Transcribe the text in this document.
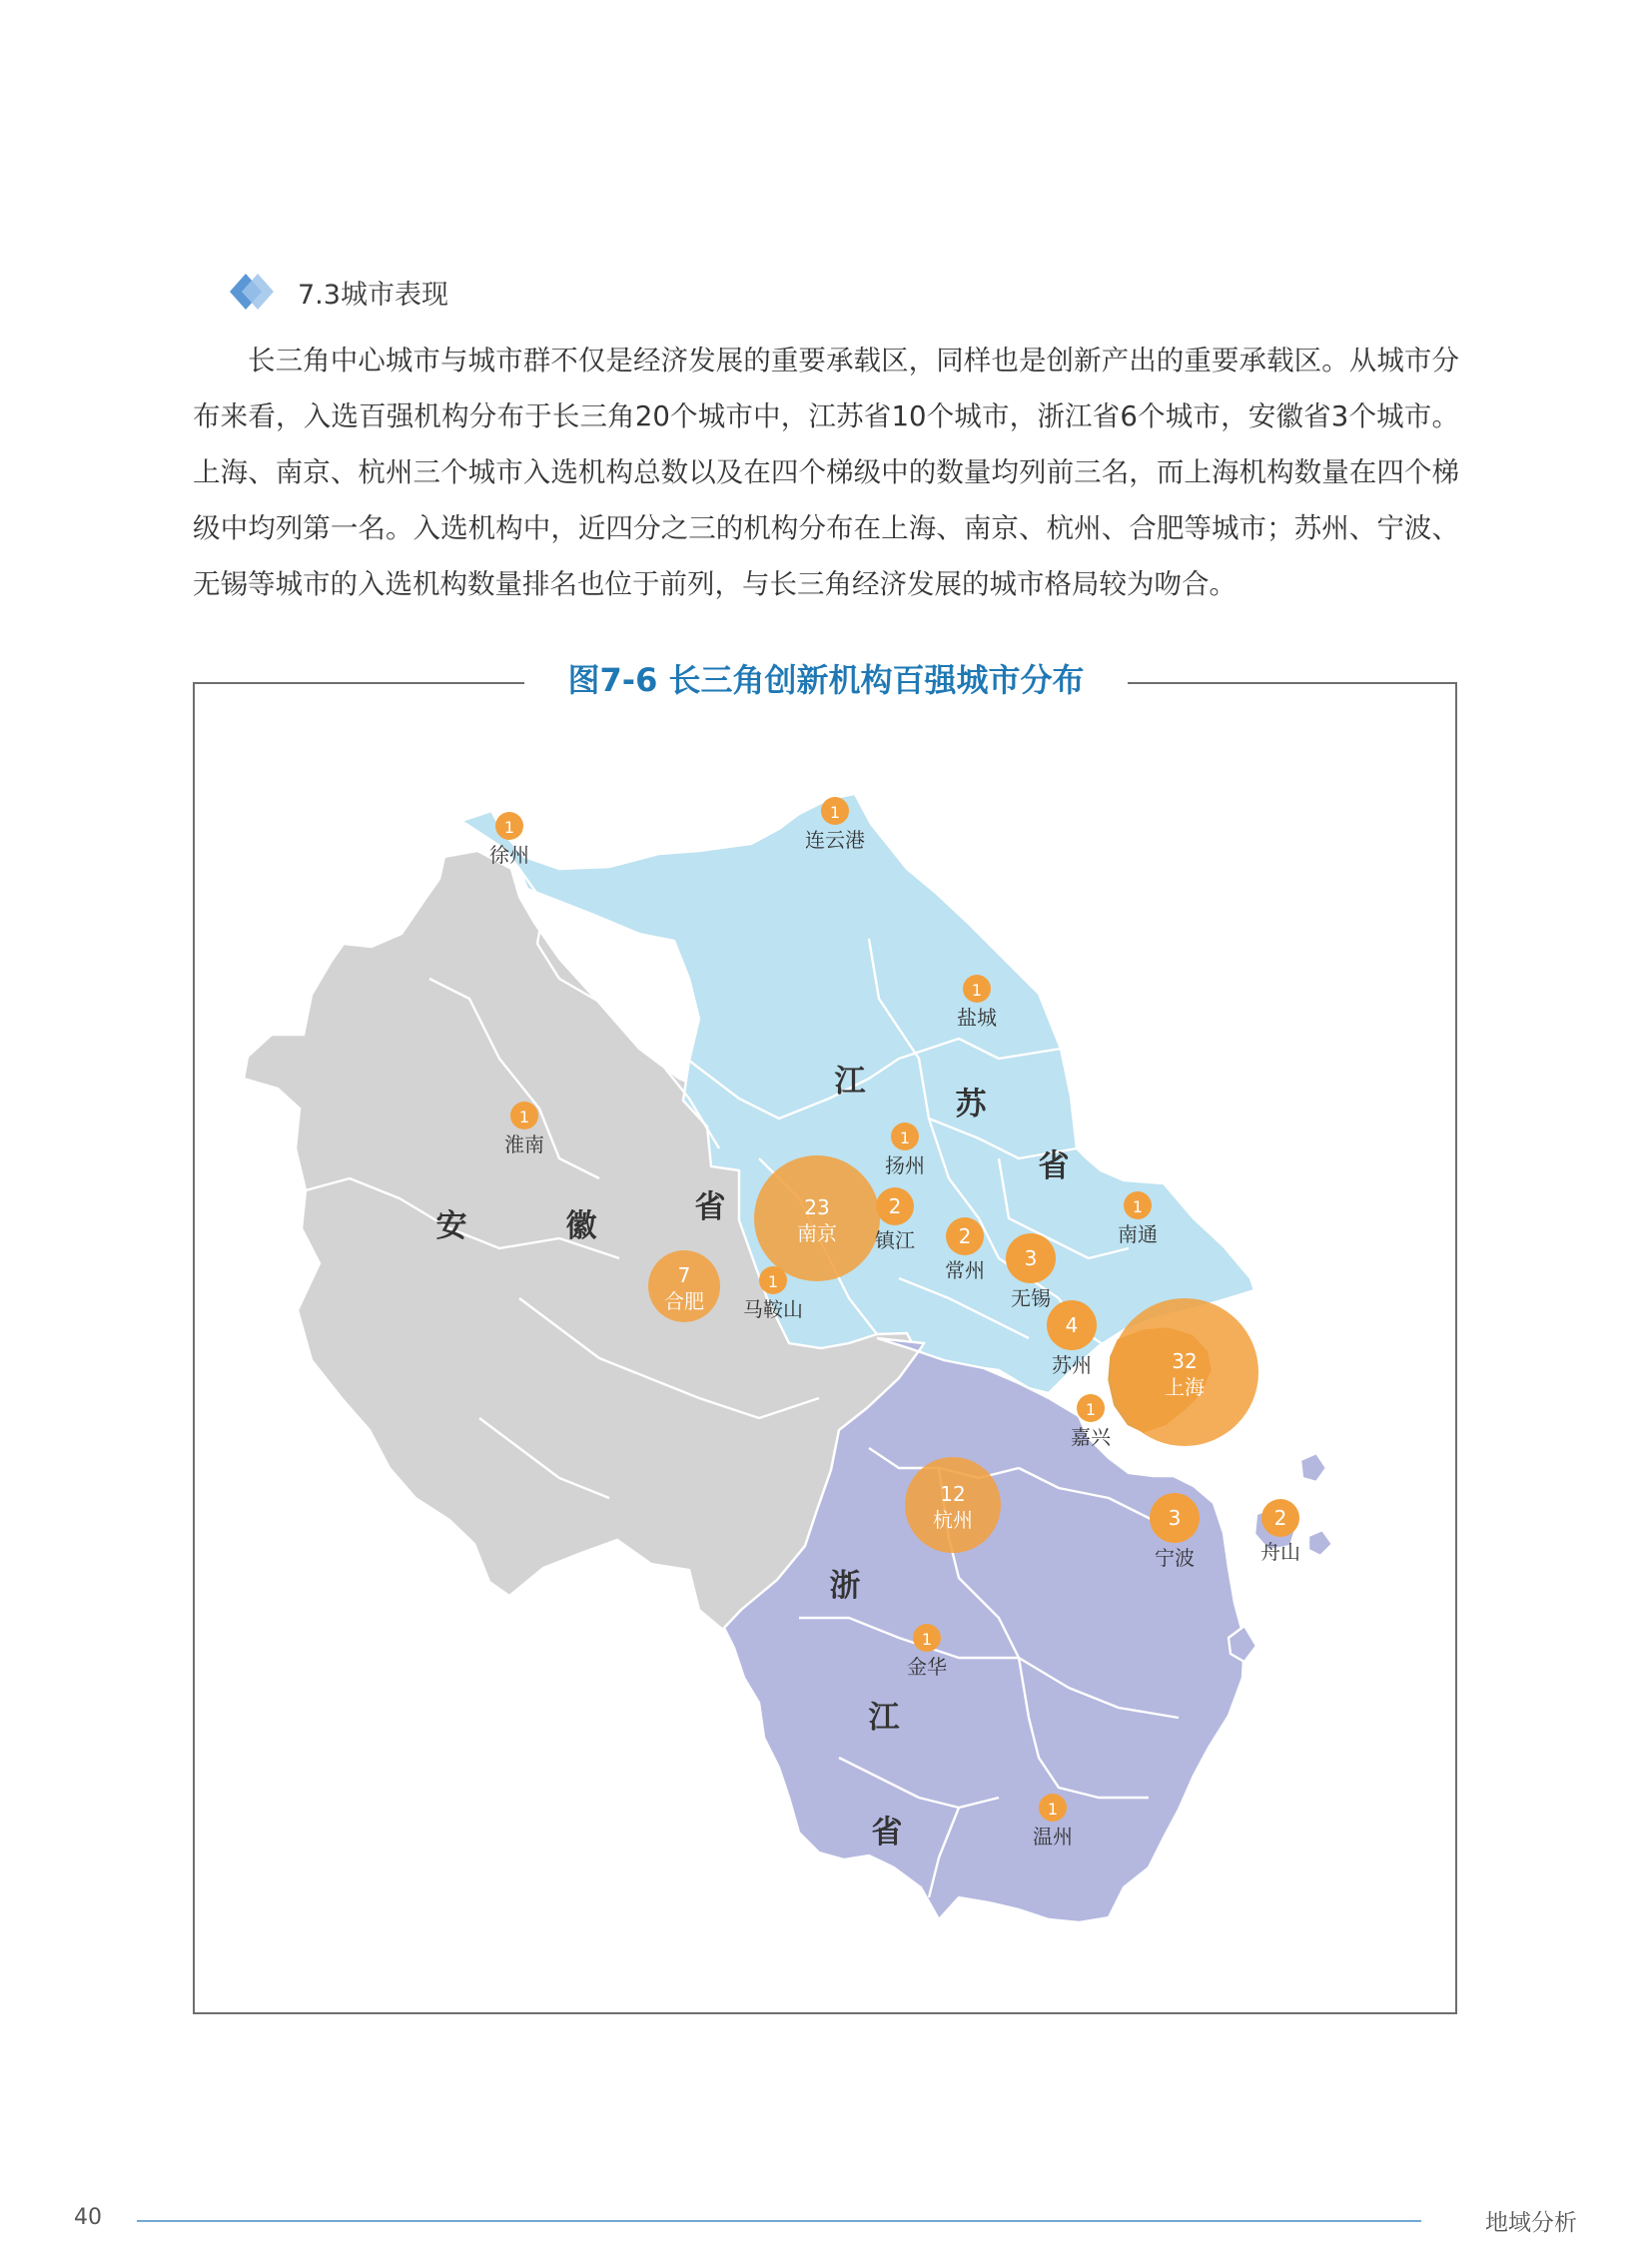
7.3城市表现

长三角中心城市与城市群不仅是经济发展的重要承载区，同样也是创新产出的重要承载区。从城市分布来看，入选百强机构分布于长三角20个城市中，江苏省10个城市，浙江省6个城市，安徽省3个城市。上海、南京、杭州三个城市入选机构总数以及在四个梯级中的数量均列前三名，而上海机构数量在四个梯级中均列第一名。入选机构中，近四分之三的机构分布在上海、南京、杭州、合肥等城市；苏州、宁波、无锡等城市的入选机构数量排名也位于前列，与长三角经济发展的城市格局较为吻合。

图7-6 长三角创新机构百强城市分布
江
苏
省
安	徽
省
浙
江
省
1
徐州
1
连云港
1
盐城
1
淮南	1
扬州
23
南京
2
镇江
1
南通
2
常州 3
无锡
7
合肥
1
马鞍山
4
苏州	32
上海
1
嘉兴
12
杭州	3
宁波
2
舟山
1
金华
1
温州
40	地域分析
